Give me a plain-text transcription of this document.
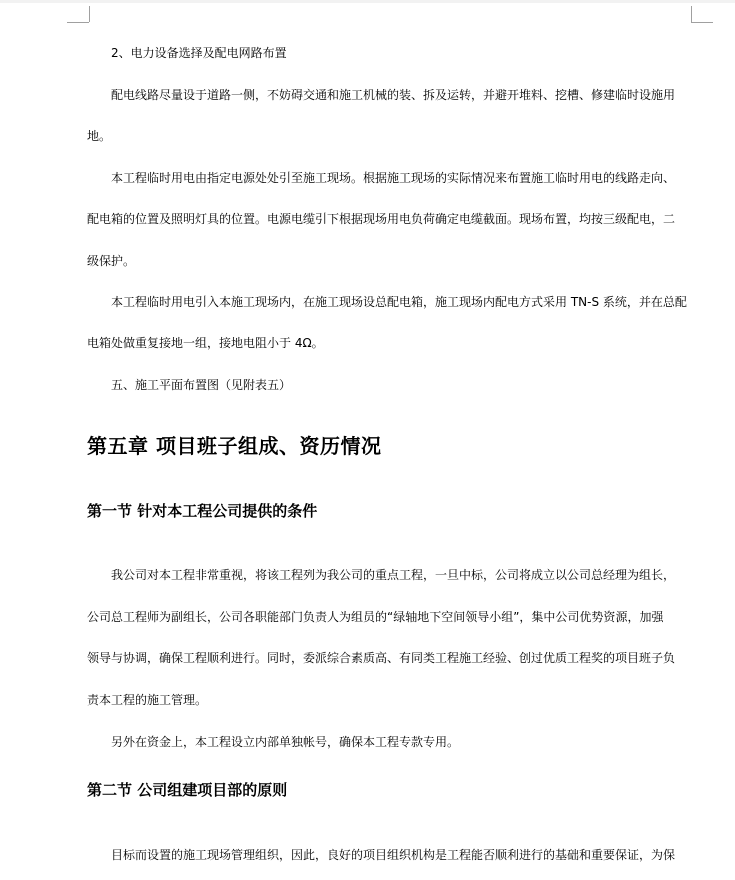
2、电力设备选择及配电网路布置
配电线路尽量设于道路一侧，不妨碍交通和施工机械的装、拆及运转，并避开堆料、挖槽、修建临时设施用
地。
本工程临时用电由指定电源处处引至施工现场。根据施工现场的实际情况来布置施工临时用电的线路走向、
配电箱的位置及照明灯具的位置。电源电缆引下根据现场用电负荷确定电缆截面。现场布置，均按三级配电，二
级保护。
本工程临时用电引入本施工现场内，在施工现场设总配电箱，施工现场内配电方式采用 TN-S 系统，并在总配
电箱处做重复接地一组，接地电阻小于 4Ω。
五、施工平面布置图（见附表五）
第五章 项目班子组成、资历情况
第一节 针对本工程公司提供的条件
我公司对本工程非常重视，将该工程列为我公司的重点工程，一旦中标，公司将成立以公司总经理为组长，
公司总工程师为副组长，公司各职能部门负责人为组员的“绿轴地下空间领导小组”，集中公司优势资源，加强
领导与协调，确保工程顺利进行。同时，委派综合素质高、有同类工程施工经验、创过优质工程奖的项目班子负
责本工程的施工管理。
另外在资金上，本工程设立内部单独帐号，确保本工程专款专用。
第二节 公司组建项目部的原则
目标而设置的施工现场管理组织，因此，良好的项目组织机构是工程能否顺利进行的基础和重要保证，为保
